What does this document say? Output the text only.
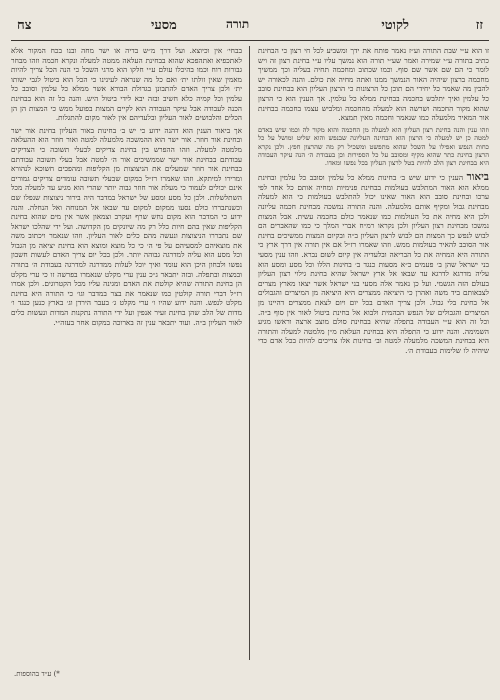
זז
לקוטי
תורה
מסעי
צח
זו הוא ע״י שבת התורה וע״ז נאמר פותח את ידך ומשביע לכל חי רצון כי הבחינת כתיב בתורה ע״י שמירה ואמר שע״י תורה הוא נמשך עליו ע״י בחינת רצון זה ויש לומר כי הם שם אשר שם סוף. וכמו שכתוב ומחכמה תחיה בעליה וכך ממשיך מחכמה ברצון שיהיה האור הנמשך ממנו ואתה מחיה את כולם. והנה לכאורה יש להבין מה שאמר כל יחידי הם תוכן כל הרצונות כי הרצון העליון הוא בבחינת סובב כל עלמין ואיך יתלבש בחכמה בבחינת ממלא כל עלמין. אך הענין הוא כי הרצון שהוא מקור החכמה ושרשה הוא למעלה מהחכמה ומלביש עצמו בחכמה בבחינת אור המאיר מלמעלה כמו שנאמר וחכמה מאין תמצא.
וזהו ענין והנה בחינת רצון העליון הוא למעלה מן החכמה והוא מקור לה וכמו שיש באדם למטה כן יש למעלה כי הרצון הוא הבחינה העליונה שבנפש והוא שליט ומושל על כל כחות הנפש ואפילו על השכל שהוא מתפשט ומשכיל רק מה שהרצון חפץ. ולכן נקרא הרצון בחינת כתר שהוא מקיף ומסובב על כל הספירות וכן בעבודת ה׳ הנה עיקר העבודה היא בבחינת רצון הלב להיות בטל לרצון העליון בכל נפשו ומאדו.
ביאור הענין כי ידוע שיש ב׳ בחינות ממלא כל עלמין וסובב כל עלמין ובחינת ממלא הוא האור המתלבש בעולמות בבחינת פנימיות ומחיה אותם כל אחד לפי ערכו ובחינת סובב הוא האור שאינו יכול להתלבש בעולמות כי הוא למעלה מבחינת גבול ומקיף אותם מלמעלה. והנה התורה נמשכה מבחינת חכמה עליונה ולכן היא מחיה את כל העולמות כמו שנאמר כולם בחכמה עשית. אבל המצות נמשכו מבחינת רצון העליון ולכן נקראו רמ״ח אברי המלך כי כמו שהאברים הם לבוש לנפש כך המצות הם לבוש לרצון העליון ב״ה ובקיום המצות ממשיכים בחינת אור הסובב להאיר בעולמות ממש. וזהו שאמרו רז״ל אם אין תורה אין דרך ארץ כי התורה היא המחיה את כל הבריאה ובלעדיה אין קיום לשום נברא. וזהו ענין מסעי בני ישראל שהן ב׳ פעמים כ״א מסעות כנגד ב׳ בחינות הללו וכל מסע ומסע הוא עליה מדרגא לדרגא עד שבאו אל ארץ ישראל שהיא בחינת גילוי רצון העליון בעולם הזה הגשמי. ועל כן נאמר אלה מסעי בני ישראל אשר יצאו מארץ מצרים לצבאותם ביד משה ואהרן כי היציאה ממצרים היא היציאה מן המיצרים והגבולים אל בחינת בלי גבול. ולכן צריך האדם בכל יום ויום לצאת ממצרים דהיינו מן המיצרים והגבולים של הנפש הבהמית ולבוא אל בחינת ביטול לאור אין סוף ב״ה. וכל זה הוא ע״י העבודה בתפלה שהיא בבחינת סולם מוצב ארצה וראשו מגיע השמימה. והנה ידוע כי התפלה היא בבחינת העלאת מ״ן מלמטה למעלה והתורה היא בבחינת המשכה מלמעלה למטה וב׳ בחינות אלו צריכים להיות בכל אדם כדי שיהיה לו שלימות בעבודת ה׳.
בבחי׳ אין וכיוצא. ועל דרך מ״ש בדיה או ישר מחה ובנו בכח המקור אלא לאתכפיא ואתהפכא שהוא בבחינת העלאה ממטה למעלה ונקרא חכמה וזהו מבחר גבורות רוח וכמו בהיכלו עולם ע״י חלקו הוא מרגי השכל כי הנה הכל צריך להיות מאמין שאין זולתו ית׳ ואם כל מה שנראה לעינינו כי הכל הוא ביטול לגבי ישותו ית׳ ולכן צריך האדם להתבונן בגדולת הבורא אשר ממלא כל עלמין וסובב כל עלמין וכל קמיה כלא חשיב ובזה יבא לידי ביטול היש. והנה כל זה הוא בבחינת הכנה לעבודה אבל עיקר העבודה הוא לקיים המצות בפועל ממש כי המצות הן הן הכלים והלבושים לאור העליון ובלעדיהם אין לאור מקום להתגלות.
אך ביאור הענין הוא דהנה ידוע כי יש ב׳ בחינות באור העליון בחינת אור ישר ובחינת אור חוזר. אור ישר הוא ההמשכה מלמעלה למטה ואור חוזר הוא ההעלאה מלמטה למעלה. וזהו ההפרש בין בחינת צדיקים לבעלי תשובה כי הצדיקים עבודתם בבחינת אור ישר שממשיכים אור ה׳ למטה אבל בעלי תשובה עבודתם בבחינת אור חוזר שמעלים את הניצוצות מן הקליפות ומהפכים חשוכא לנהורא ומרירו למיתקא. וזהו שאמרו רז״ל במקום שבעלי תשובה עומדים צדיקים גמורים אינם יכולים לעמוד כי מעלת אור חוזר גבוה יותר שהרי הוא מגיע עד למעלה מכל השתלשלות. ולכן כל מסע ומסע של ישראל במדבר היה בירור ניצוצות שנפלו שם וכשנתבררו כולם נסעו ממקום למקום עד שבאו אל המנוחה ואל הנחלה. והנה ידוע כי המדבר הוא מקום נחש שרף ועקרב וצמאון אשר אין מים שהוא בחינת הקליפות שאין בהם חיות כלל רק מה שיונקים מן הקדושה. ועל ידי שהלכו ישראל שם נתבררו הניצוצות ונעשה מהם כלים לאור העליון. וזהו שנאמר ויכתוב משה את מוצאיהם למסעיהם על פי ה׳ כי כל מוצא ומוצא הוא בחינת יציאה מן הגבול וכל מסע הוא עליה למדרגה גבוהה יותר. ולכן בכל יום צריך האדם לעשות חשבון נפשו ולבחון היכן הוא עומד ואיך יוכל לעלות ממדרגה למדרגה בעבודת ה׳ בתורה ובמצות ובתפלה. ובזה יתבאר ג״כ ענין ערי מקלט שנאמרו בפרשה זו כי ערי מקלט הן בחינת התורה שהיא קולטת את האדם ומגינה עליו מכל הקטרוגים. ולכן אמרו רז״ל דברי תורה קולטין כמו שנאמר את בצר במדבר וגו׳ כי התורה היא בחינת מקלט לנפש. והנה ידוע שהיו ו׳ ערי מקלט ג׳ בעבר הירדן וג׳ בארץ כנען כנגד ו׳ מדות של הלב שהן בחינת זעיר אנפין ועל ידי התורה נתקנות המדות ונעשות כלים לאור העליון ב״ה. ועוד יתבאר ענין זה בארוכה במקום אחר בעזה״י.
*) ע״ד בהוספות.
